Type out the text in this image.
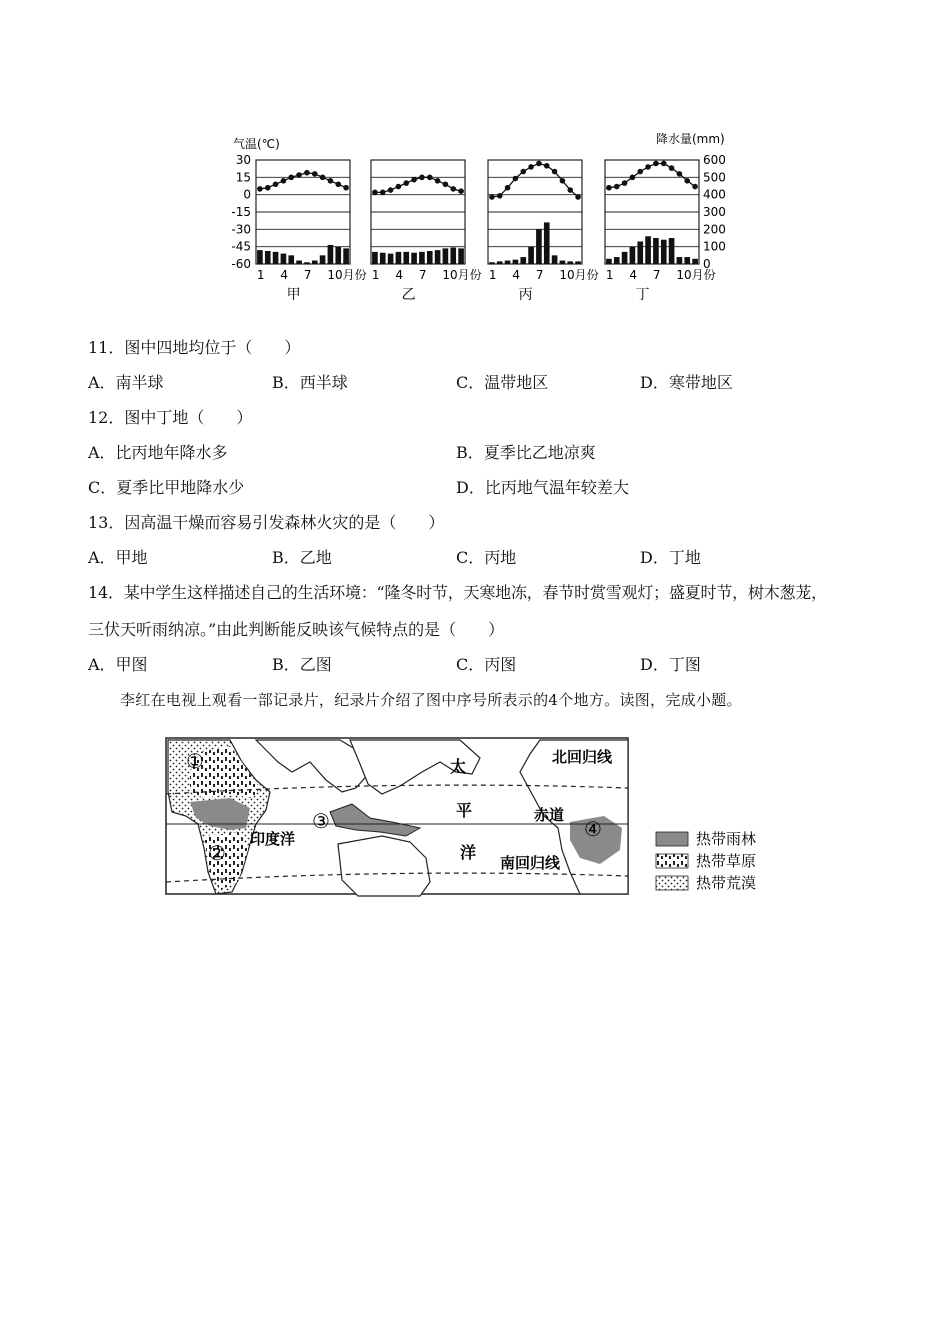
气温(℃)	降水量(mm)
30
15
0
-15
-30
-45
-60
600
500
400
300
200
100
0
1 4 7 10月份
甲
1 4 7 10月份
乙
1 4 7 10月份
丙
1 4 7 10月份
丁
11．图中四地均位于（　　）
A．南半球	B．西半球	C．温带地区	D．寒带地区
12．图中丁地（　　）
A．比丙地年降水多	B．夏季比乙地凉爽
C．夏季比甲地降水少	D．比丙地气温年较差大
13．因高温干燥而容易引发森林火灾的是（　　）
A．甲地	B．乙地	C．丙地	D．丁地
14．某中学生这样描述自己的生活环境：“隆冬时节，天寒地冻，春节时赏雪观灯；盛夏时节，树木葱茏，
三伏天听雨纳凉。”由此判断能反映该气候特点的是（　　）
A．甲图	B．乙图	C．丙图	D．丁图
李红在电视上观看一部记录片，纪录片介绍了图中序号所表示的4个地方。读图，完成小题。
北回归线
太
平	赤道
印度洋
洋
南回归线
①
②
③	④	热带雨林
热带草原
热带荒漠
